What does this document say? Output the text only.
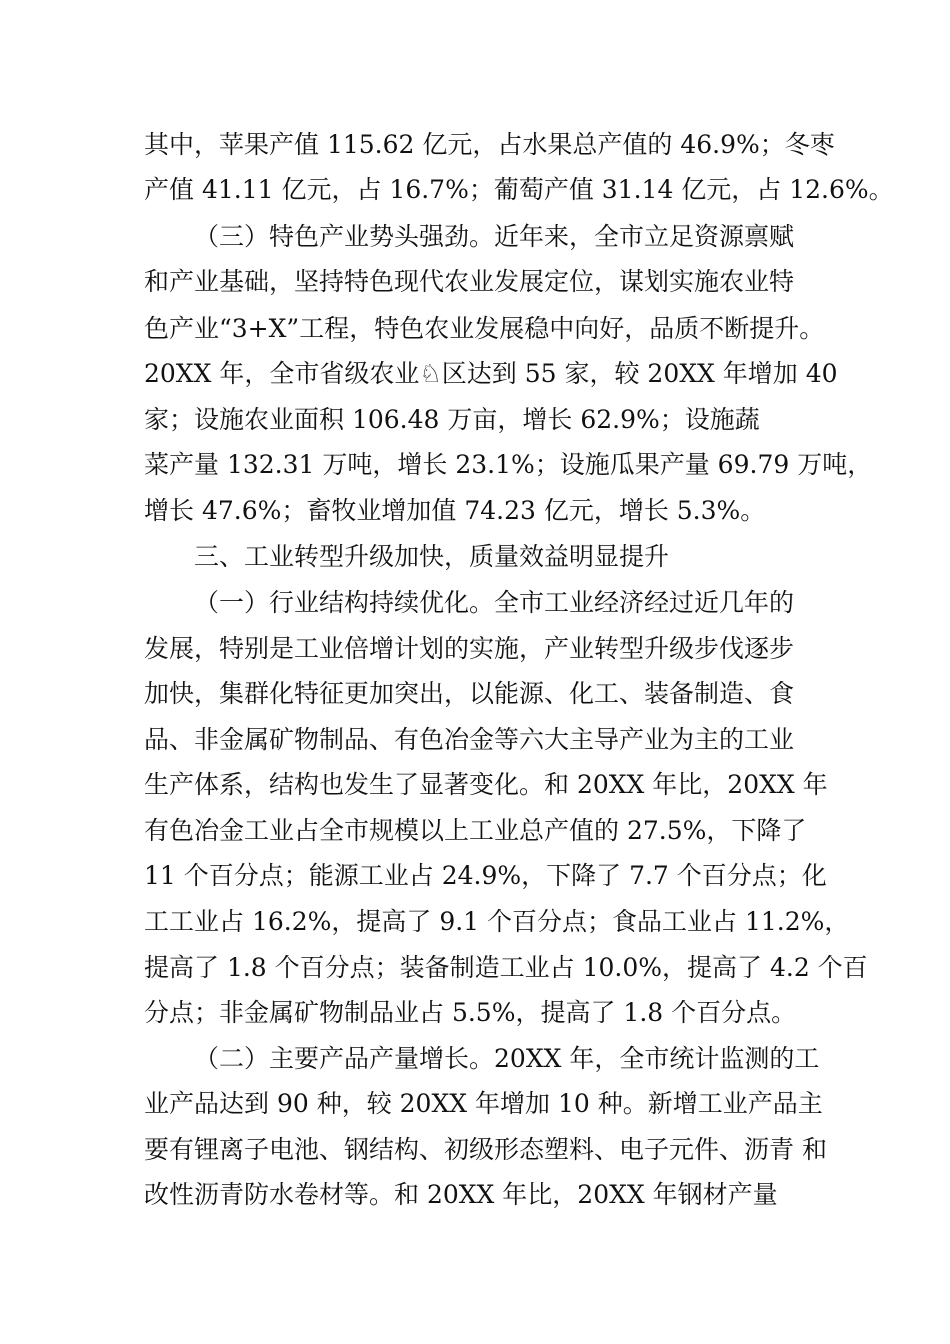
其中，苹果产值 115.62 亿元，占水果总产值的 46.9%；冬枣
产值 41.11 亿元，占 16.7%；葡萄产值 31.14 亿元，占 12.6%。
（三）特色产业势头强劲。近年来，全市立足资源禀赋
和产业基础，坚持特色现代农业发展定位，谋划实施农业特
色产业“3+X”工程，特色农业发展稳中向好，品质不断提升。
20XX 年，全市省级农业♘区达到 55 家，较 20XX 年增加 40
家；设施农业面积 106.48 万亩，增长 62.9%；设施蔬
菜产量 132.31 万吨，增长 23.1%；设施瓜果产量 69.79 万吨，
增长 47.6%；畜牧业增加值 74.23 亿元，增长 5.3%。
三、工业转型升级加快，质量效益明显提升
（一）行业结构持续优化。全市工业经济经过近几年的
发展，特别是工业倍增计划的实施，产业转型升级步伐逐步
加快，集群化特征更加突出，以能源、化工、装备制造、食
品、非金属矿物制品、有色冶金等六大主导产业为主的工业
生产体系，结构也发生了显著变化。和 20XX 年比，20XX 年
有色冶金工业占全市规模以上工业总产值的 27.5%，下降了
11 个百分点；能源工业占 24.9%，下降了 7.7 个百分点；化
工工业占 16.2%，提高了 9.1 个百分点；食品工业占 11.2%，
提高了 1.8 个百分点；装备制造工业占 10.0%，提高了 4.2 个百
分点；非金属矿物制品业占 5.5%，提高了 1.8 个百分点。
（二）主要产品产量增长。20XX 年，全市统计监测的工
业产品达到 90 种，较 20XX 年增加 10 种。新增工业产品主
要有锂离子电池、钢结构、初级形态塑料、电子元件、沥青 和
改性沥青防水卷材等。和 20XX 年比，20XX 年钢材产量
